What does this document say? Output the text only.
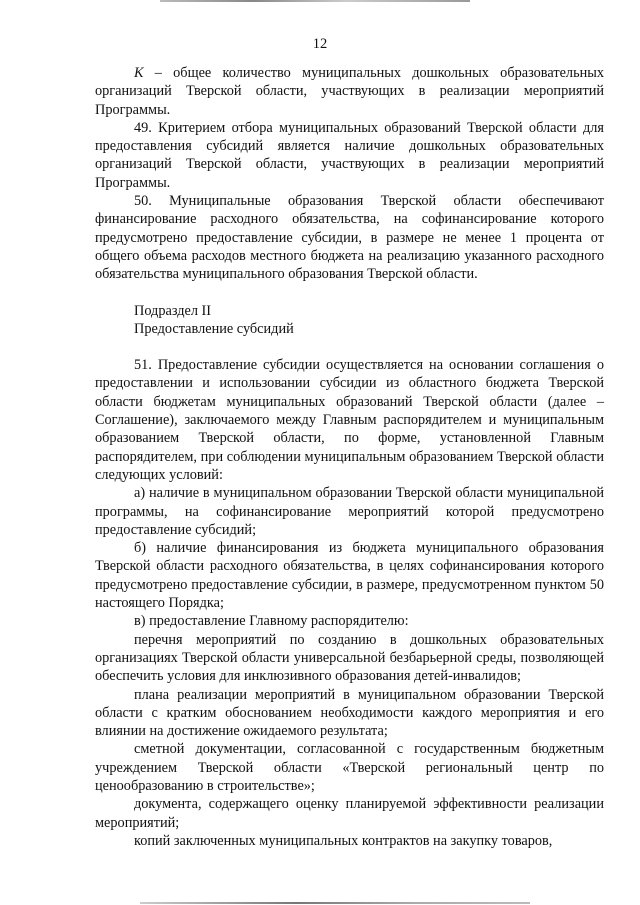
12

К – общее количество муниципальных дошкольных образовательных организаций Тверской области, участвующих в реализации мероприятий Программы.

49. Критерием отбора муниципальных образований Тверской области для предоставления субсидий является наличие дошкольных образовательных организаций Тверской области, участвующих в реализации мероприятий Программы.

50. Муниципальные образования Тверской области обеспечивают финансирование расходного обязательства, на софинансирование которого предусмотрено предоставление субсидии, в размере не менее 1 процента от общего объема расходов местного бюджета на реализацию указанного расходного обязательства муниципального образования Тверской области.

Подраздел II

Предоставление субсидий

51. Предоставление субсидии осуществляется на основании соглашения о предоставлении и использовании субсидии из областного бюджета Тверской области бюджетам муниципальных образований Тверской области (далее – Соглашение), заключаемого между Главным распорядителем и муниципальным образованием Тверской области, по форме, установленной Главным распорядителем, при соблюдении муниципальным образованием Тверской области следующих условий:

а) наличие в муниципальном образовании Тверской области муниципальной программы, на софинансирование мероприятий которой предусмотрено предоставление субсидий;

б) наличие финансирования из бюджета муниципального образования Тверской области расходного обязательства, в целях софинансирования которого предусмотрено предоставление субсидии, в размере, предусмотренном пунктом 50 настоящего Порядка;

в) предоставление Главному распорядителю:

перечня мероприятий по созданию в дошкольных образовательных организациях Тверской области универсальной безбарьерной среды, позволяющей обеспечить условия для инклюзивного образования детей-инвалидов;

плана реализации мероприятий в муниципальном образовании Тверской области с кратким обоснованием необходимости каждого мероприятия и его влиянии на достижение ожидаемого результата;

сметной документации, согласованной с государственным бюджетным учреждением Тверской области «Тверской региональный центр по ценообразованию в строительстве»;

документа, содержащего оценку планируемой эффективности реализации мероприятий;

копий заключенных муниципальных контрактов на закупку товаров,
